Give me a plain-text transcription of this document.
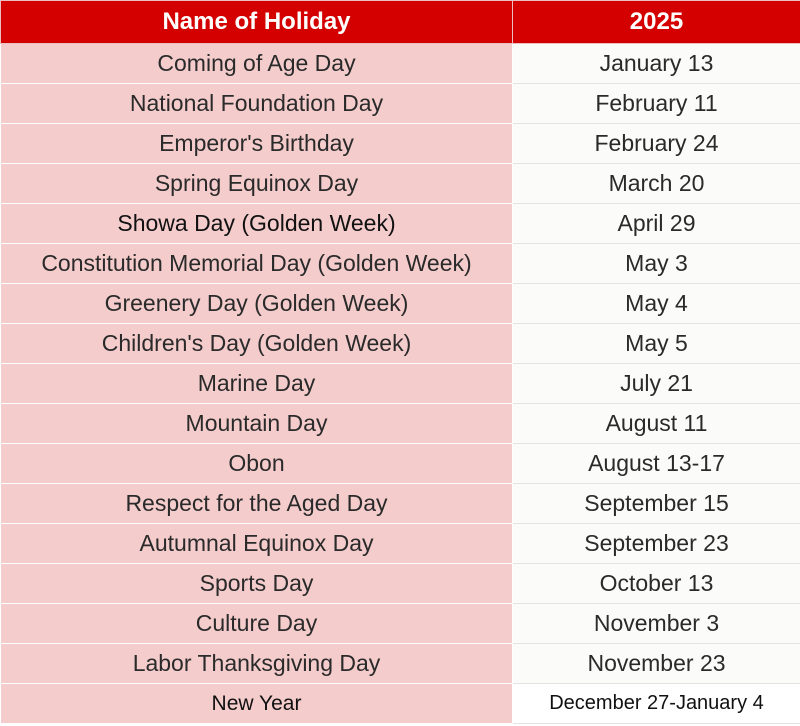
Name of Holiday	2025
Coming of Age Day	January 13
National Foundation Day	February 11
Emperor's Birthday	February 24
Spring Equinox Day	March 20
Showa Day (Golden Week)	April 29
Constitution Memorial Day (Golden Week)	May 3
Greenery Day (Golden Week)	May 4
Children's Day (Golden Week)	May 5
Marine Day	July 21
Mountain Day	August 11
Obon	August 13-17
Respect for the Aged Day	September 15
Autumnal Equinox Day	September 23
Sports Day	October 13
Culture Day	November 3
Labor Thanksgiving Day	November 23
New Year	December 27-January 4
